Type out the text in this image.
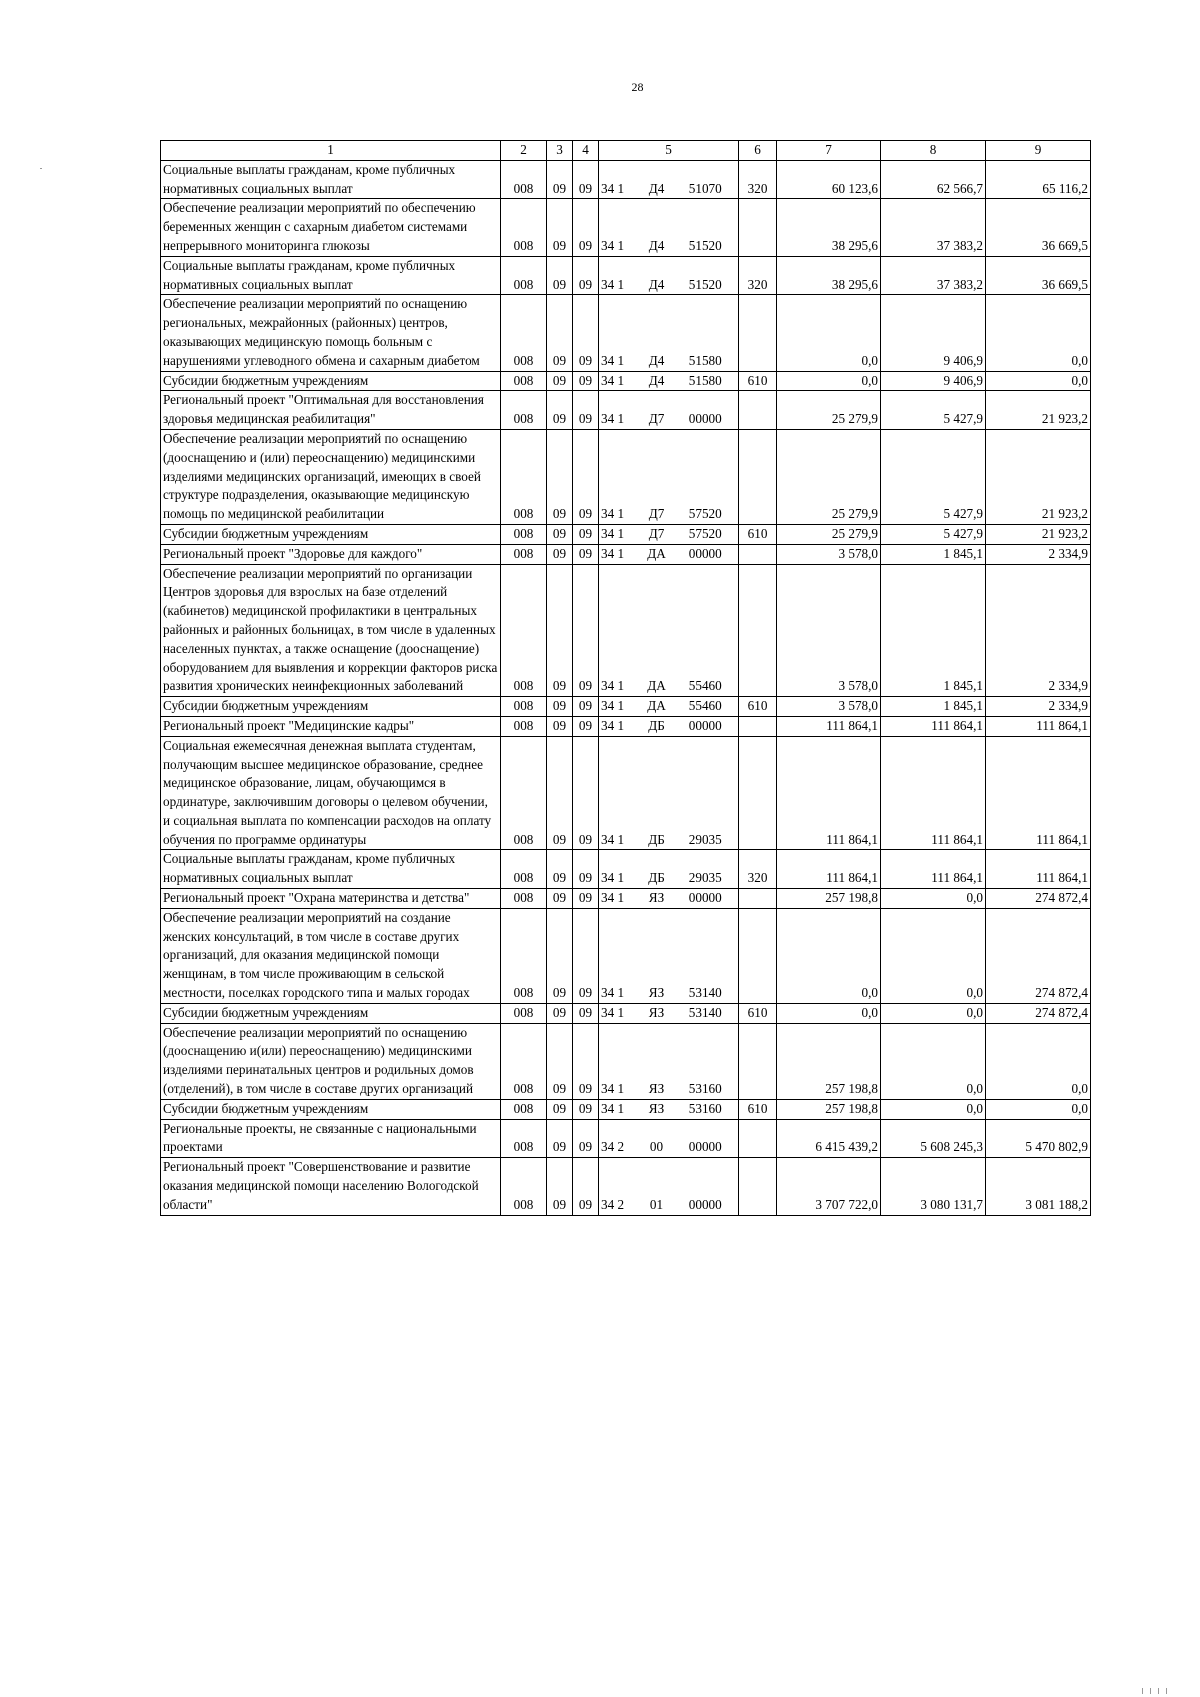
28
1	2	3	4	5			6	7	8	9
Социальные выплаты гражданам, кроме публичных нормативных социальных выплат	008	09	09	34 1	Д4	51070	320	60 123,6	62 566,7	65 116,2
Обеспечение реализации мероприятий по обеспечению беременных женщин с сахарным диабетом системами непрерывного мониторинга глюкозы	008	09	09	34 1	Д4	51520		38 295,6	37 383,2	36 669,5
Социальные выплаты гражданам, кроме публичных нормативных социальных выплат	008	09	09	34 1	Д4	51520	320	38 295,6	37 383,2	36 669,5
Обеспечение реализации мероприятий по оснащению региональных, межрайонных (районных) центров, оказывающих медицинскую помощь больным с нарушениями углеводного обмена и сахарным диабетом	008	09	09	34 1	Д4	51580		0,0	9 406,9	0,0
Субсидии бюджетным учреждениям	008	09	09	34 1	Д4	51580	610	0,0	9 406,9	0,0
Региональный проект "Оптимальная для восстановления здоровья медицинская реабилитация"	008	09	09	34 1	Д7	00000		25 279,9	5 427,9	21 923,2
Обеспечение реализации мероприятий по оснащению (дооснащению и (или) переоснащению) медицинскими изделиями медицинских организаций, имеющих в своей структуре подразделения, оказывающие медицинскую помощь по медицинской реабилитации	008	09	09	34 1	Д7	57520		25 279,9	5 427,9	21 923,2
Субсидии бюджетным учреждениям	008	09	09	34 1	Д7	57520	610	25 279,9	5 427,9	21 923,2
Региональный проект "Здоровье для каждого"	008	09	09	34 1	ДА	00000		3 578,0	1 845,1	2 334,9
Обеспечение реализации мероприятий по организации Центров здоровья для взрослых на базе отделений (кабинетов) медицинской профилактики в центральных районных и районных больницах, в том числе в удаленных населенных пунктах, а также оснащение (дооснащение) оборудованием для выявления и коррекции факторов риска развития хронических неинфекционных заболеваний	008	09	09	34 1	ДА	55460		3 578,0	1 845,1	2 334,9
Субсидии бюджетным учреждениям	008	09	09	34 1	ДА	55460	610	3 578,0	1 845,1	2 334,9
Региональный проект "Медицинские кадры"	008	09	09	34 1	ДБ	00000		111 864,1	111 864,1	111 864,1
Социальная ежемесячная денежная выплата студентам, получающим высшее медицинское образование, среднее медицинское образование, лицам, обучающимся в ординатуре, заключившим договоры о целевом обучении, и социальная выплата по компенсации расходов на оплату обучения по программе ординатуры	008	09	09	34 1	ДБ	29035		111 864,1	111 864,1	111 864,1
Социальные выплаты гражданам, кроме публичных нормативных социальных выплат	008	09	09	34 1	ДБ	29035	320	111 864,1	111 864,1	111 864,1
Региональный проект "Охрана материнства и детства"	008	09	09	34 1	ЯЗ	00000		257 198,8	0,0	274 872,4
Обеспечение реализации мероприятий на создание женских консультаций, в том числе в составе других организаций, для оказания медицинской помощи женщинам, в том числе проживающим в сельской местности, поселках городского типа и малых городах	008	09	09	34 1	ЯЗ	53140		0,0	0,0	274 872,4
Субсидии бюджетным учреждениям	008	09	09	34 1	ЯЗ	53140	610	0,0	0,0	274 872,4
Обеспечение реализации мероприятий по оснащению (дооснащению и(или) переоснащению) медицинскими изделиями перинатальных центров и родильных домов (отделений), в том числе в составе других организаций	008	09	09	34 1	ЯЗ	53160		257 198,8	0,0	0,0
Субсидии бюджетным учреждениям	008	09	09	34 1	ЯЗ	53160	610	257 198,8	0,0	0,0
Региональные проекты, не связанные с национальными проектами	008	09	09	34 2	00	00000		6 415 439,2	5 608 245,3	5 470 802,9
Региональный проект "Совершенствование и развитие оказания медицинской помощи населению Вологодской области"	008	09	09	34 2	01	00000		3 707 722,0	3 080 131,7	3 081 188,2
